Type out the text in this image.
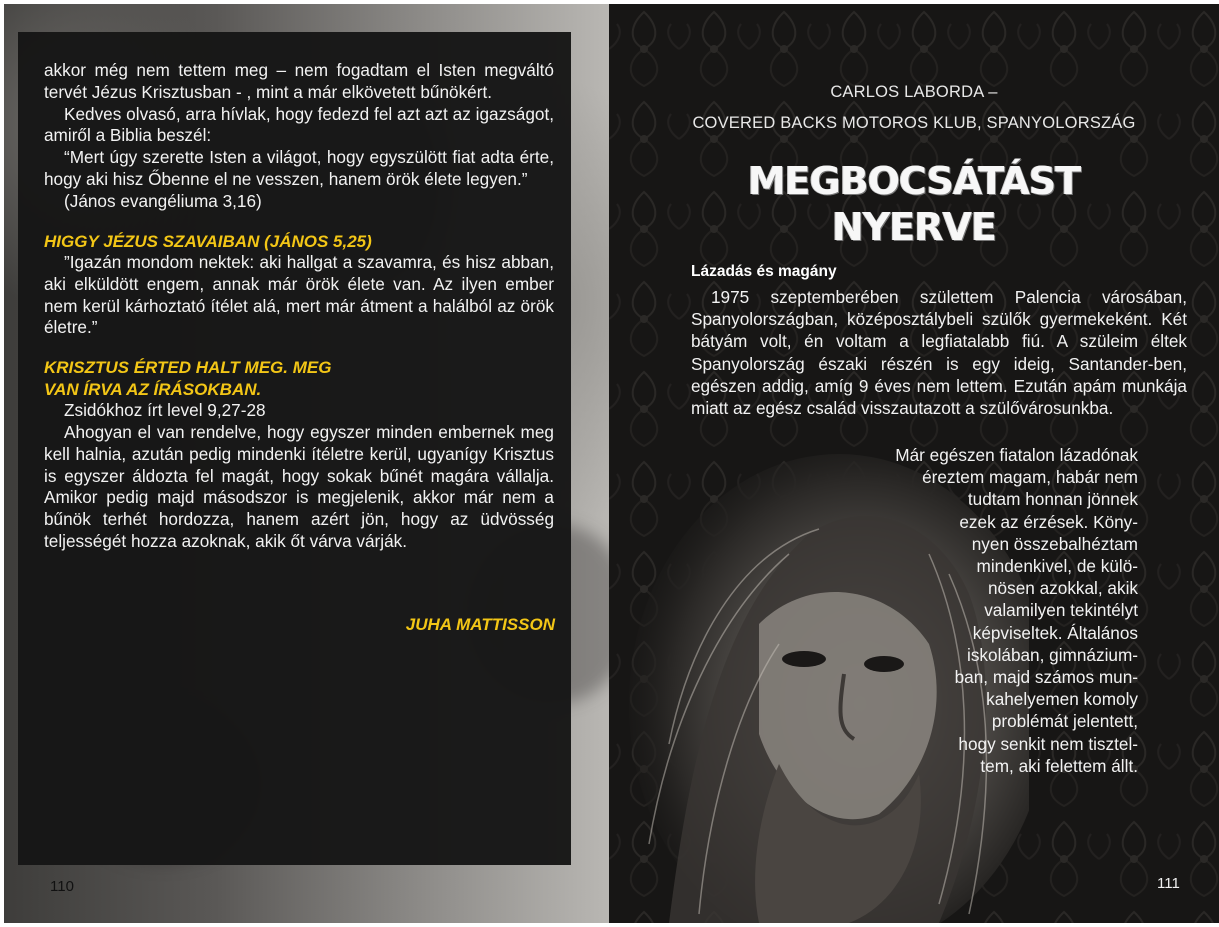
akkor még nem tettem meg – nem fogadtam el Isten megváltó tervét Jézus Krisztusban - , mint a már elkövetett bűnökért.

Kedves olvasó, arra hívlak, hogy fedezd fel azt azt az igazságot, amiről a Biblia beszél:

“Mert úgy szerette Isten a világot, hogy egyszülött fiat adta érte, hogy aki hisz Őbenne el ne vesszen, hanem örök élete legyen.”

(János evangéliuma 3,16)

HIGGY JÉZUS SZAVAIBAN (JÁNOS 5,25)

”Igazán mondom nektek: aki hallgat a szavamra, és hisz abban, aki elküldött engem, annak már örök élete van. Az ilyen ember nem kerül kárhoztató ítélet alá, mert már átment a halálból az örök életre.”

KRISZTUS ÉRTED HALT MEG. MEG

VAN ÍRVA AZ ÍRÁSOKBAN.

Zsidókhoz írt level 9,27-28

Ahogyan el van rendelve, hogy egyszer minden embernek meg kell halnia, azután pedig mindenki ítéletre kerül, ugyanígy Krisztus is egyszer áldozta fel magát, hogy sokak bűnét magára vállalja. Amikor pedig majd másodszor is megjelenik, akkor már nem a bűnök terhét hordozza, hanem azért jön, hogy az üdvösség teljességét hozza azoknak, akik őt várva várják.

JUHA MATTISSON
110
CARLOS LABORDA –
COVERED BACKS MOTOROS KLUB, SPANYOLORSZÁG
MEGBOCSÁTÁST
NYERVE
Lázadás és magány

1975 szeptemberében születtem Palencia városában, Spanyolországban, középosztálybeli szülők gyermekeként. Két bátyám volt, én voltam a legfiatalabb fiú. A szüleim éltek Spanyolország északi részén is egy ideig, Santander-ben, egészen addig, amíg 9 éves nem lettem. Ezután apám munkája miatt az egész család visszautazott a szülővárosunkba.

Már egészen fiatalon lázadónak
éreztem magam, habár nem
tudtam honnan jönnek
ezek az érzések. Köny-
nyen összebalhéztam
mindenkivel, de külö-
nösen azokkal, akik
valamilyen tekintélyt
képviseltek. Általános
iskolában, gimnázium-
ban, majd számos mun-
kahelyemen komoly
problémát jelentett,
hogy senkit nem tisztel-
tem, aki felettem állt.
111
